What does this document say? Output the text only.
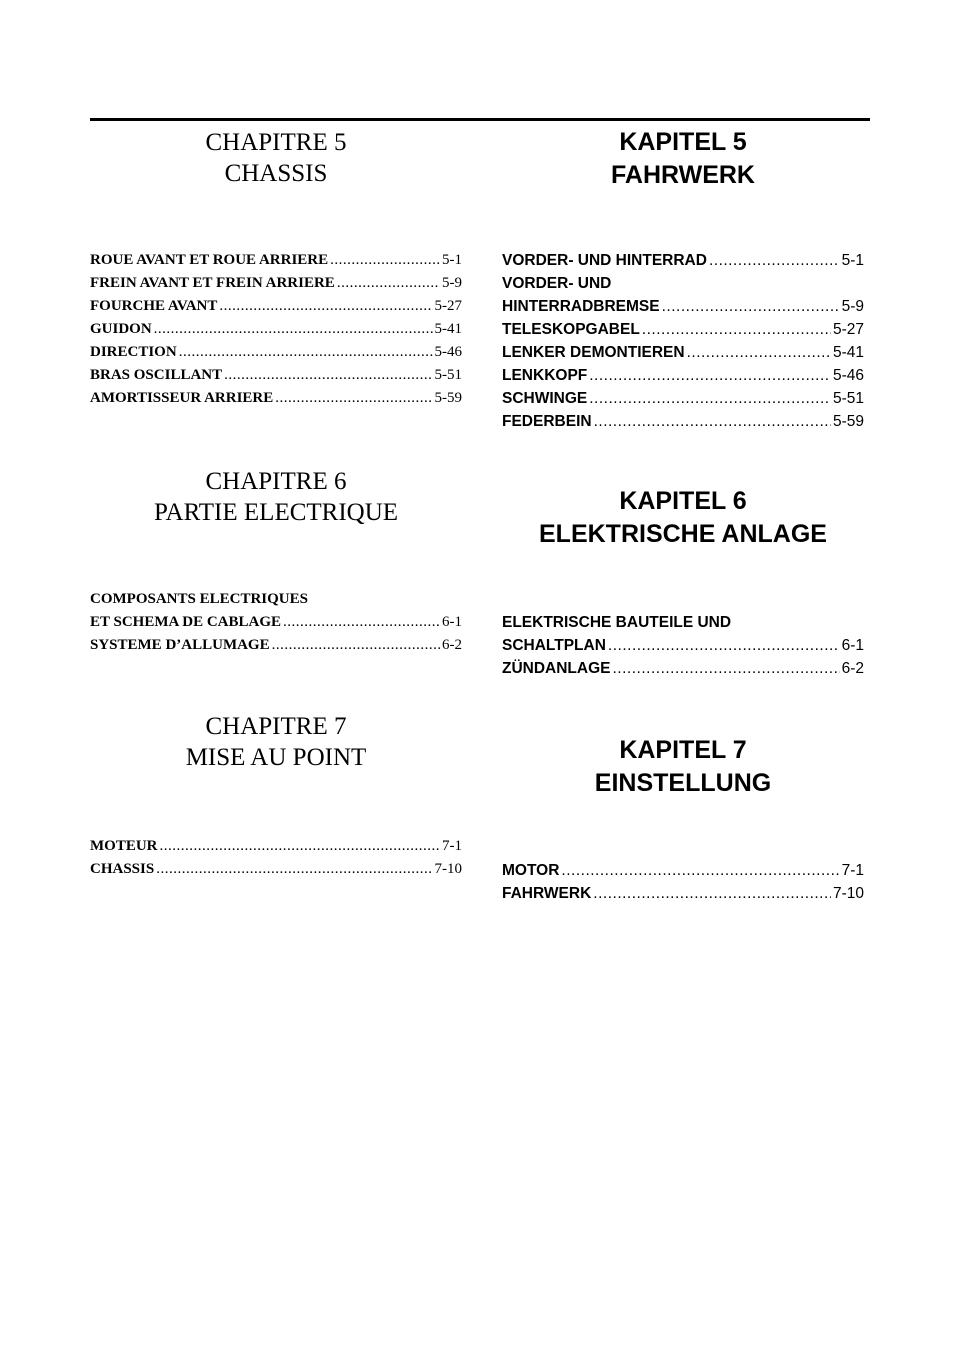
CHAPITRE 5
CHASSIS
ROUE AVANT ET ROUE ARRIERE .....	5-1
FREIN AVANT ET FREIN ARRIERE .....	5-9
FOURCHE AVANT .....	5-27
GUIDON .....	5-41
DIRECTION .....	5-46
BRAS OSCILLANT .....	5-51
AMORTISSEUR ARRIERE .....	5-59
CHAPITRE 6
PARTIE ELECTRIQUE
COMPOSANTS ELECTRIQUES
ET SCHEMA DE CABLAGE .....	6-1
SYSTEME D’ALLUMAGE .....	6-2
CHAPITRE 7
MISE AU POINT
MOTEUR .....	7-1
CHASSIS .....	7-10
KAPITEL 5
FAHRWERK
VORDER- UND HINTERRAD .....	5-1
VORDER- UND
HINTERRADBREMSE .....	5-9
TELESKOPGABEL .....	5-27
LENKER DEMONTIEREN .....	5-41
LENKKOPF .....	5-46
SCHWINGE .....	5-51
FEDERBEIN .....	5-59
KAPITEL 6
ELEKTRISCHE ANLAGE
ELEKTRISCHE BAUTEILE UND
SCHALTPLAN .....	6-1
ZÜNDANLAGE .....	6-2
KAPITEL 7
EINSTELLUNG
MOTOR .....	7-1
FAHRWERK .....	7-10
